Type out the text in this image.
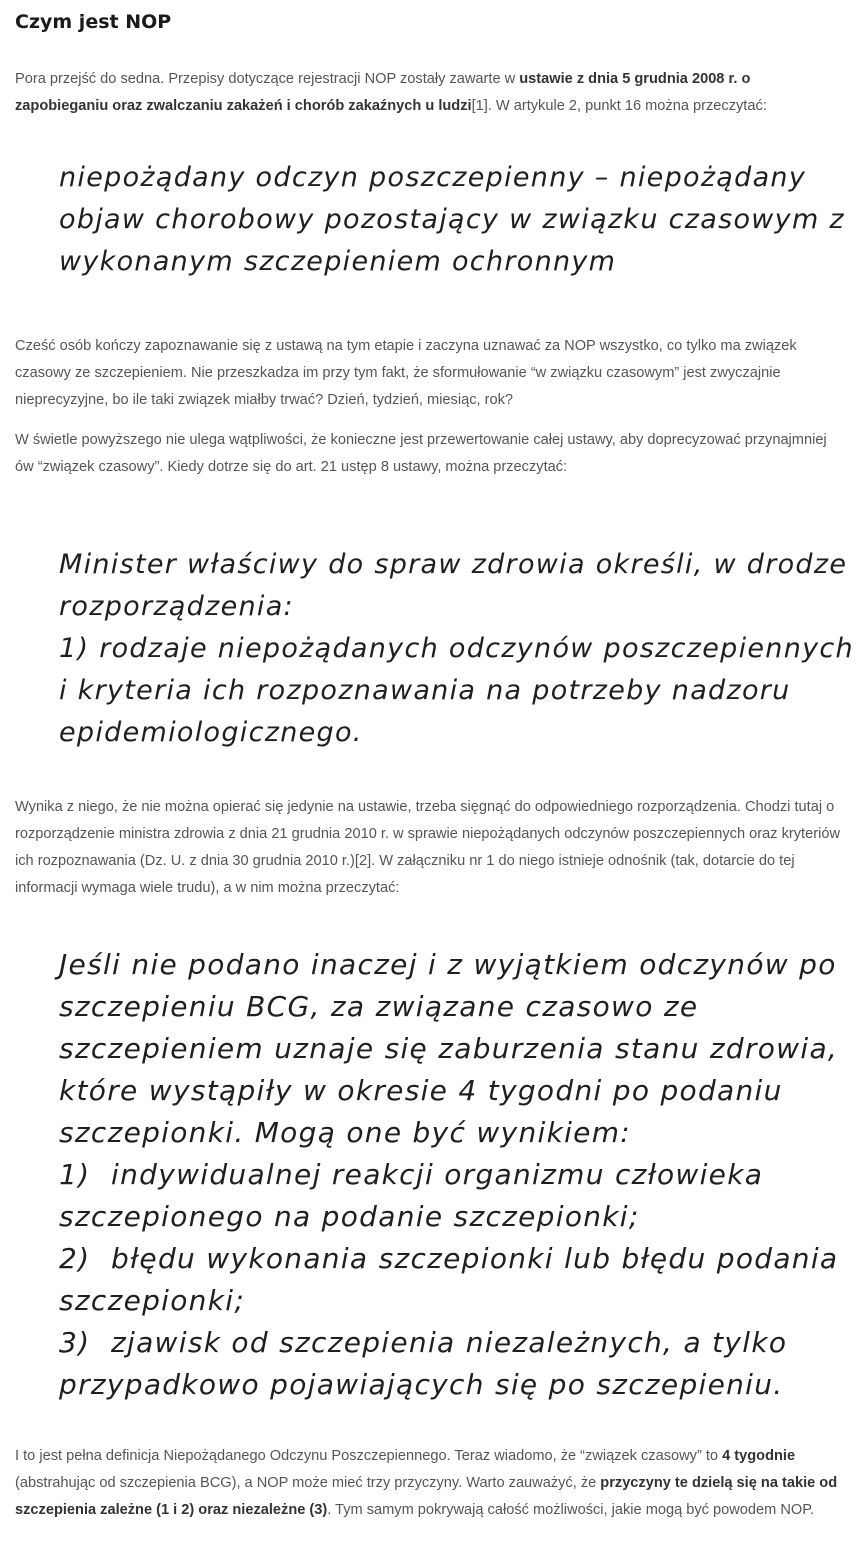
Czym jest NOP

Pora przejść do sedna. Przepisy dotyczące rejestracji NOP zostały zawarte w ustawie z dnia 5 grudnia 2008 r. o zapobieganiu oraz zwalczaniu zakażeń i chorób zakaźnych u ludzi[1]. W artykule 2, punkt 16 można przeczytać:

niepożądany odczyn poszczepienny – niepożądany
objaw chorobowy pozostający w związku czasowym z
wykonanym szczepieniem ochronnym

Cześć osób kończy zapoznawanie się z ustawą na tym etapie i zaczyna uznawać za NOP wszystko, co tylko ma związek czasowy ze szczepieniem. Nie przeszkadza im przy tym fakt, że sformułowanie “w związku czasowym” jest zwyczajnie nieprecyzyjne, bo ile taki związek miałby trwać? Dzień, tydzień, miesiąc, rok?

W świetle powyższego nie ulega wątpliwości, że konieczne jest przewertowanie całej ustawy, aby doprecyzować przynajmniej ów “związek czasowy”. Kiedy dotrze się do art. 21 ustęp 8 ustawy, można przeczytać:

Minister właściwy do spraw zdrowia określi, w drodze
rozporządzenia:
1) rodzaje niepożądanych odczynów poszczepiennych
i kryteria ich rozpoznawania na potrzeby nadzoru
epidemiologicznego.

Wynika z niego, że nie można opierać się jedynie na ustawie, trzeba sięgnąć do odpowiedniego rozporządzenia. Chodzi tutaj o rozporządzenie ministra zdrowia z dnia 21 grudnia 2010 r. w sprawie niepożądanych odczynów poszczepiennych oraz kryteriów ich rozpoznawania (Dz. U. z dnia 30 grudnia 2010 r.)[2]. W załączniku nr 1 do niego istnieje odnośnik (tak, dotarcie do tej informacji wymaga wiele trudu), a w nim można przeczytać:

Jeśli nie podano inaczej i z wyjątkiem odczynów po
szczepieniu BCG, za związane czasowo ze
szczepieniem uznaje się zaburzenia stanu zdrowia,
które wystąpiły w okresie 4 tygodni po podaniu
szczepionki. Mogą one być wynikiem:
1) indywidualnej reakcji organizmu człowieka
szczepionego na podanie szczepionki;
2) błędu wykonania szczepionki lub błędu podania
szczepionki;
3) zjawisk od szczepienia niezależnych, a tylko
przypadkowo pojawiających się po szczepieniu.

I to jest pełna definicja Niepożądanego Odczynu Poszczepiennego. Teraz wiadomo, że “związek czasowy” to 4 tygodnie (abstrahując od szczepienia BCG), a NOP może mieć trzy przyczyny. Warto zauważyć, że przyczyny te dzielą się na takie od szczepienia zależne (1 i 2) oraz niezależne (3). Tym samym pokrywają całość możliwości, jakie mogą być powodem NOP.
